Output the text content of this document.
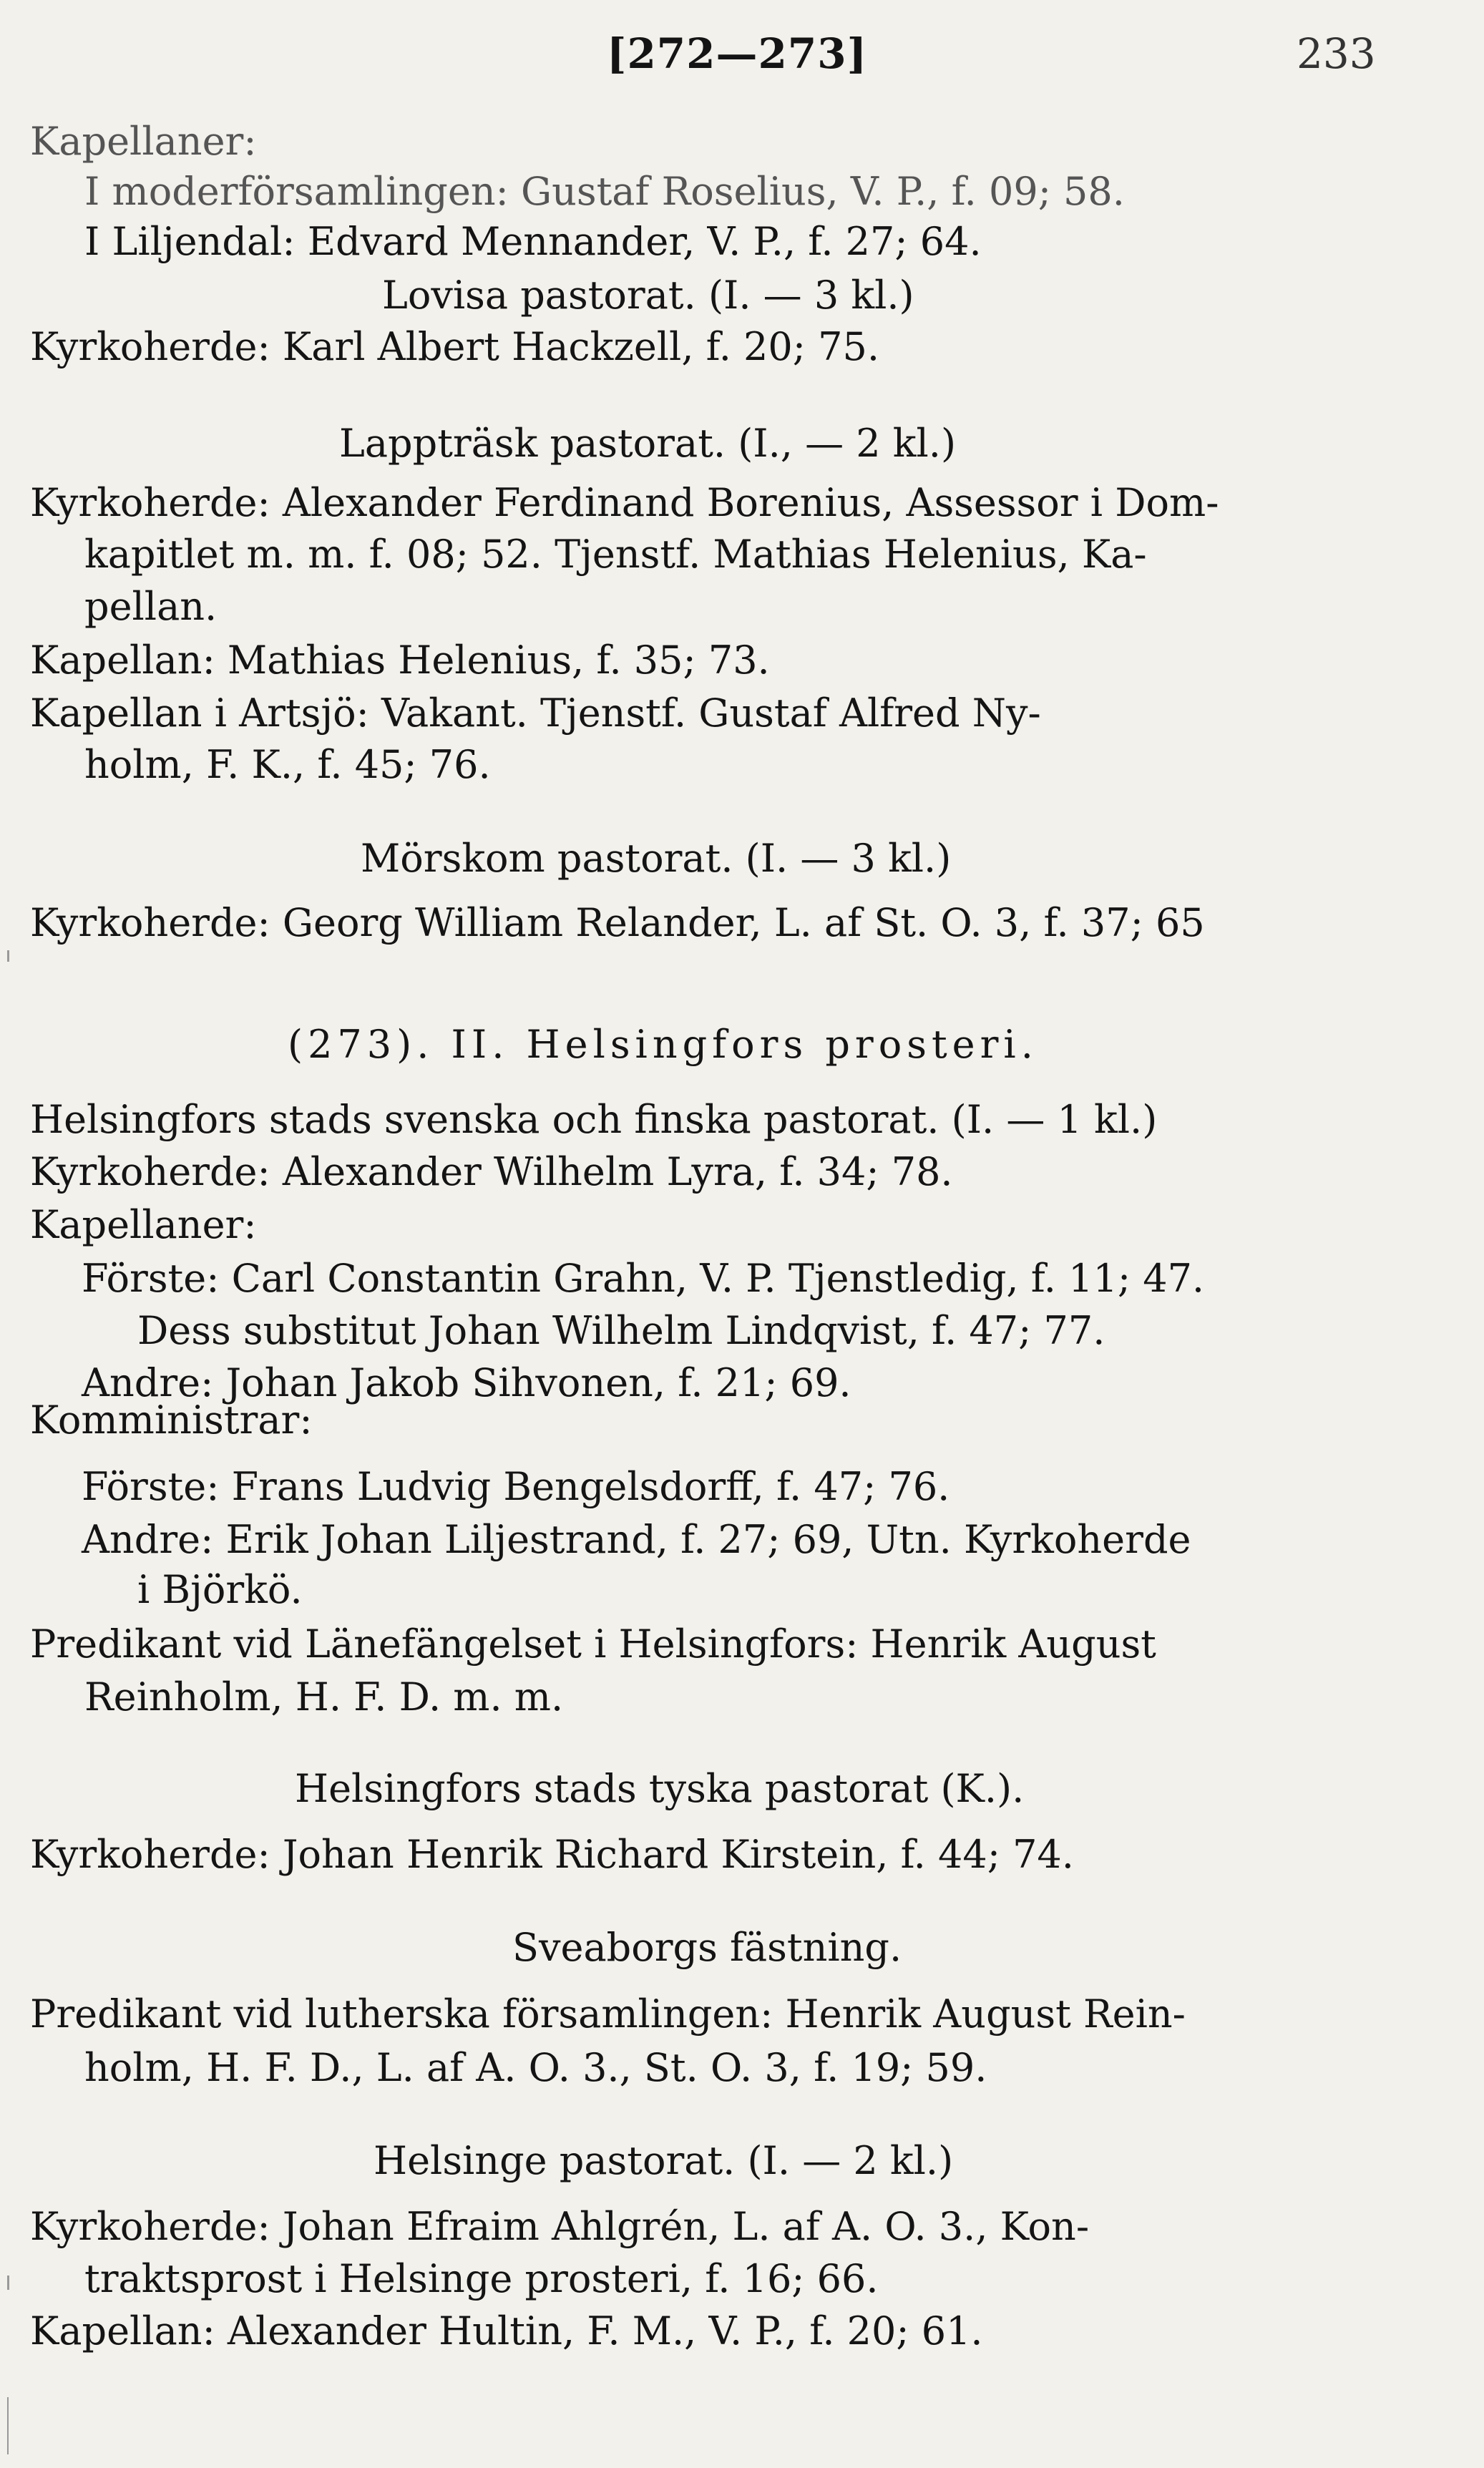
[272—273]	233
Kapellaner:
I moderförsamlingen: Gustaf Roselius, V. P., f. 09; 58.
I Liljendal: Edvard Mennander, V. P., f. 27; 64.
Lovisa pastorat. (I. — 3 kl.)
Kyrkoherde: Karl Albert Hackzell, f. 20; 75.
Lappträsk pastorat. (I., — 2 kl.)
Kyrkoherde: Alexander Ferdinand Borenius, Assessor i Dom-
kapitlet m. m. f. 08; 52. Tjenstf. Mathias Helenius, Ka-
pellan.
Kapellan: Mathias Helenius, f. 35; 73.
Kapellan i Artsjö: Vakant. Tjenstf. Gustaf Alfred Ny-
holm, F. K., f. 45; 76.
Mörskom pastorat. (I. — 3 kl.)
Kyrkoherde: Georg William Relander, L. af St. O. 3, f. 37; 65
(273). II. Helsingfors prosteri.
Helsingfors stads svenska och finska pastorat. (I. — 1 kl.)
Kyrkoherde: Alexander Wilhelm Lyra, f. 34; 78.
Kapellaner:
Förste: Carl Constantin Grahn, V. P. Tjenstledig, f. 11; 47.
Dess substitut Johan Wilhelm Lindqvist, f. 47; 77.
Andre: Johan Jakob Sihvonen, f. 21; 69.
Komministrar:
Förste: Frans Ludvig Bengelsdorff, f. 47; 76.
Andre: Erik Johan Liljestrand, f. 27; 69, Utn. Kyrkoherde
i Björkö.
Predikant vid Länefängelset i Helsingfors: Henrik August
Reinholm, H. F. D. m. m.
Helsingfors stads tyska pastorat (K.).
Kyrkoherde: Johan Henrik Richard Kirstein, f. 44; 74.
Sveaborgs fästning.
Predikant vid lutherska församlingen: Henrik August Rein-
holm, H. F. D., L. af A. O. 3., St. O. 3, f. 19; 59.
Helsinge pastorat. (I. — 2 kl.)
Kyrkoherde: Johan Efraim Ahlgrén, L. af A. O. 3., Kon-
traktsprost i Helsinge prosteri, f. 16; 66.
Kapellan: Alexander Hultin, F. M., V. P., f. 20; 61.
